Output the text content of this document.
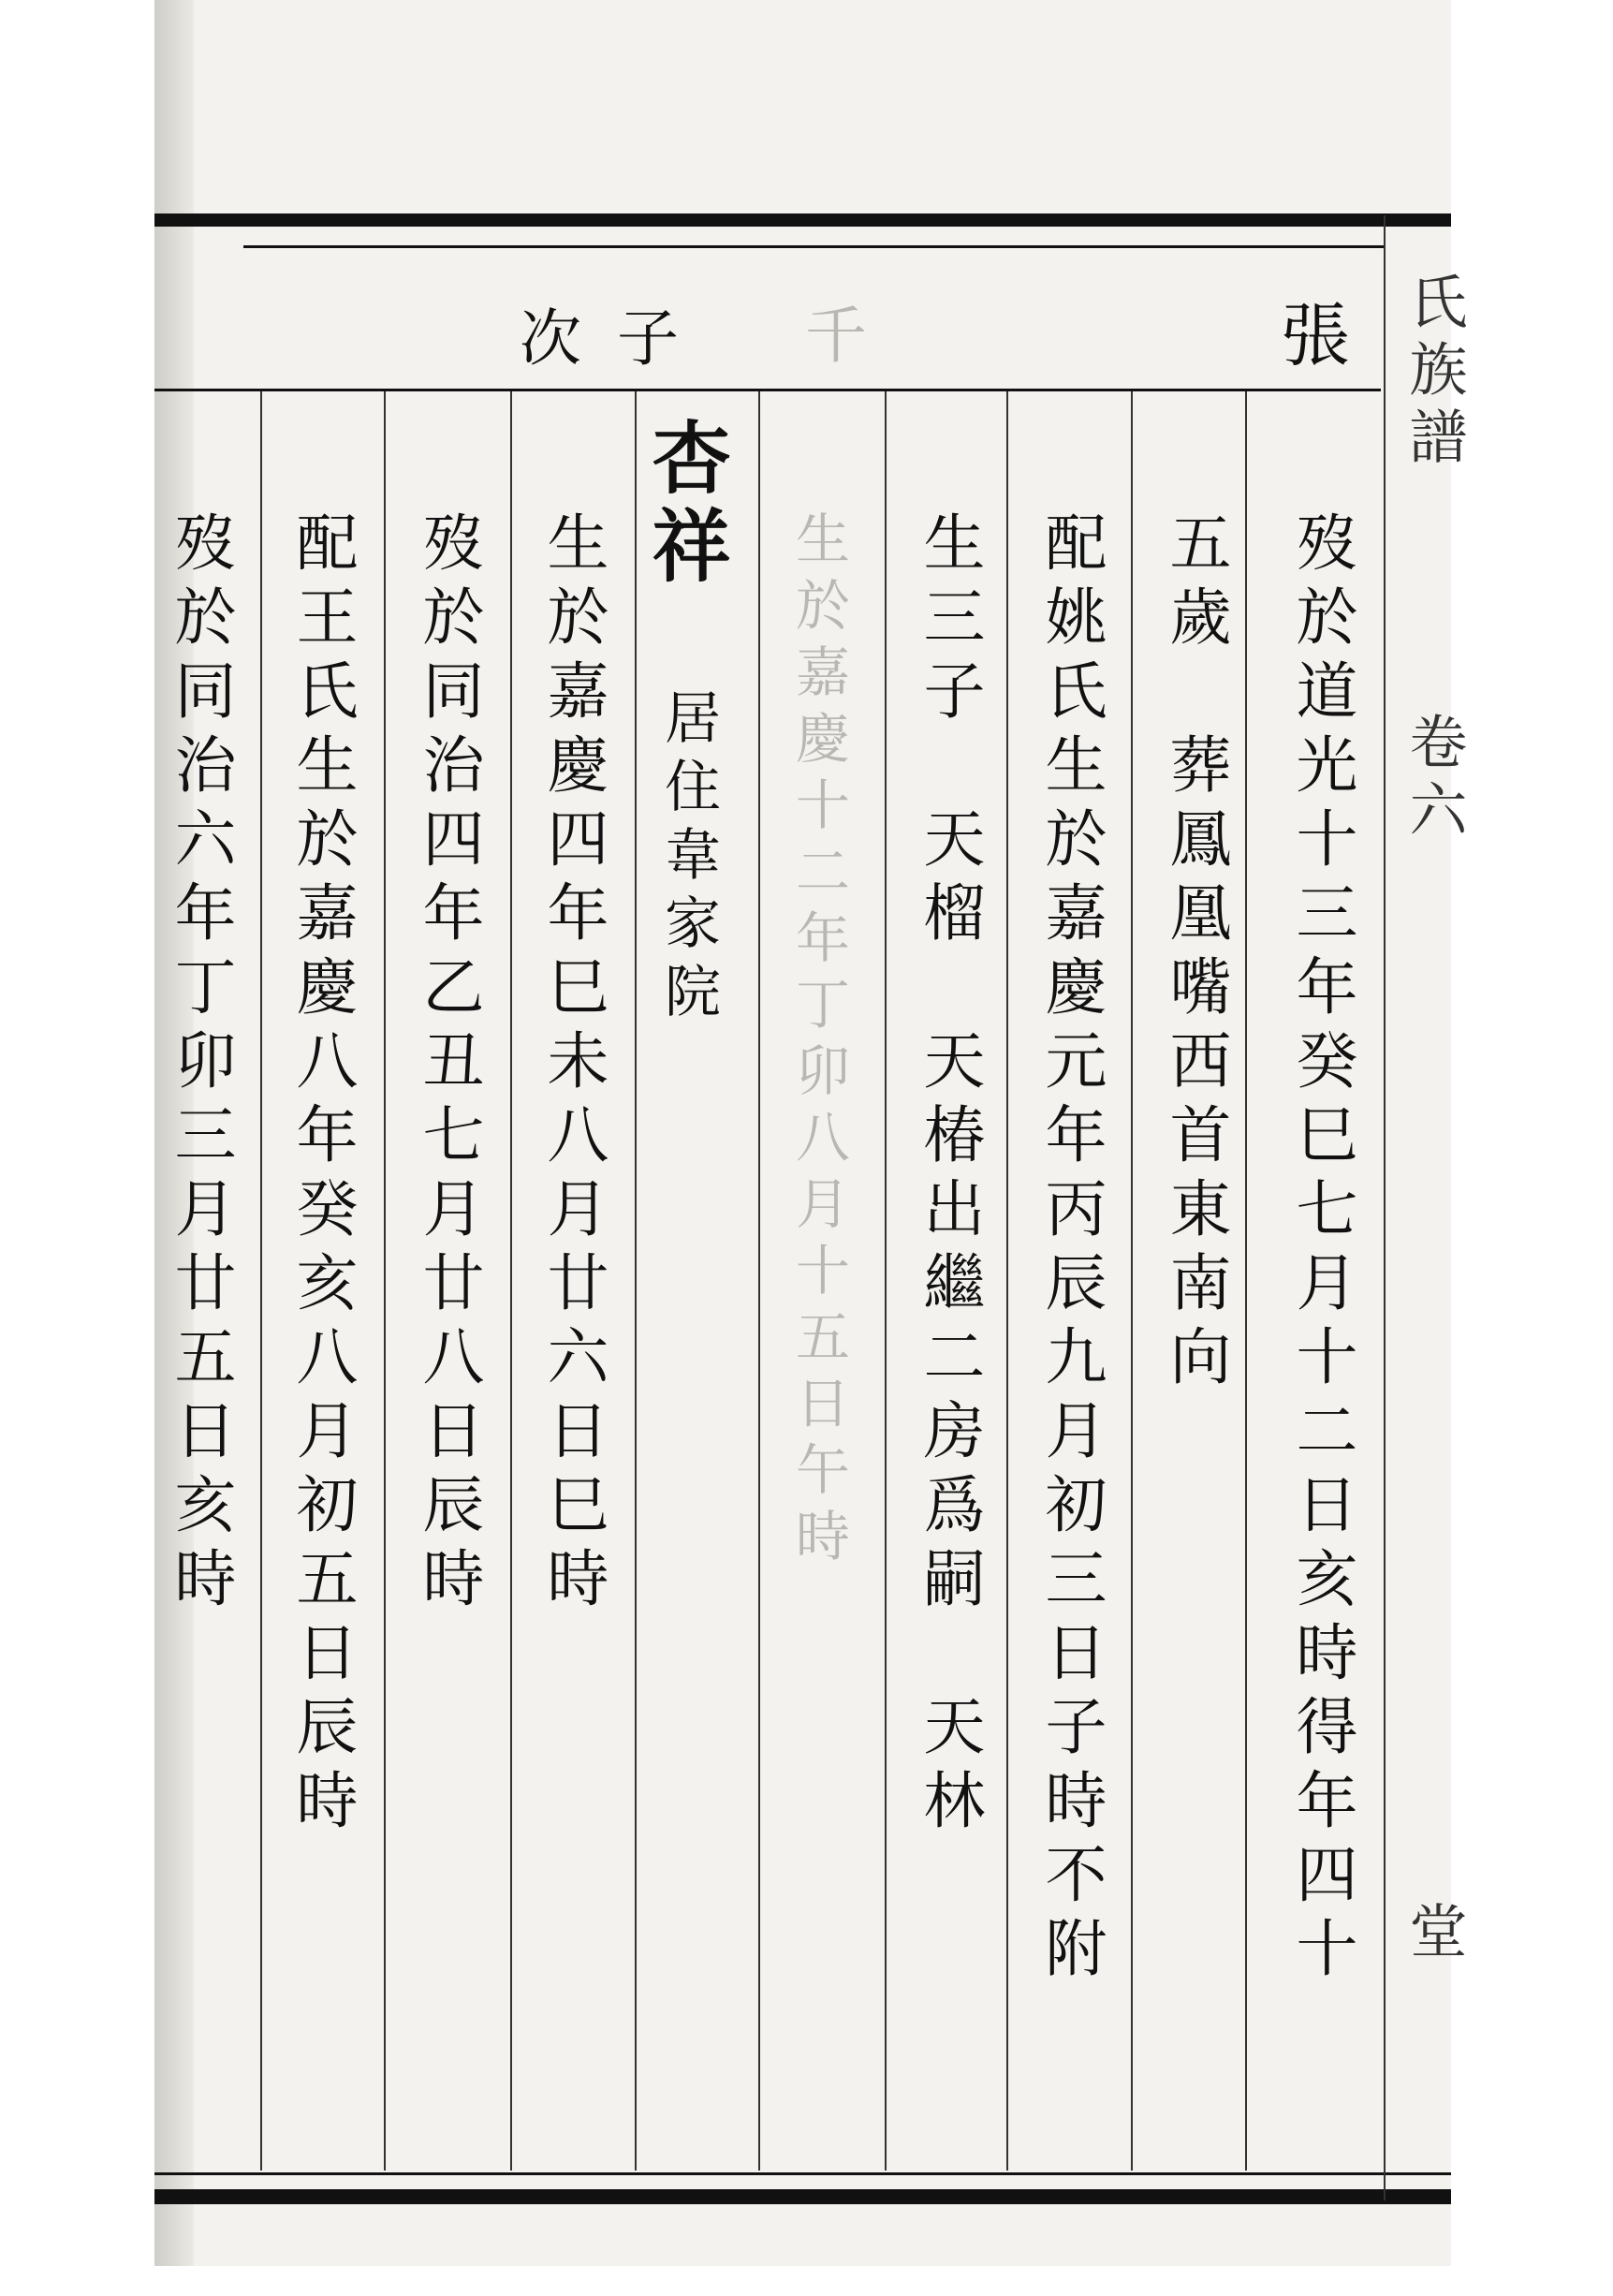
張
千
次子	氏族譜
卷六
堂
歿於道光十三年癸巳七月十二日亥時得年四十
五歲　葬鳳凰嘴西首東南向
配姚氏生於嘉慶元年丙辰九月初三日子時不附
生三子　天榴　天椿出繼二房爲嗣　天林
生於嘉慶十二年丁卯八月十五日午時
杏祥
居住韋家院
生於嘉慶四年巳未八月廿六日巳時
歿於同治四年乙丑七月廿八日辰時
配王氏生於嘉慶八年癸亥八月初五日辰時
歿於同治六年丁卯三月廿五日亥時
